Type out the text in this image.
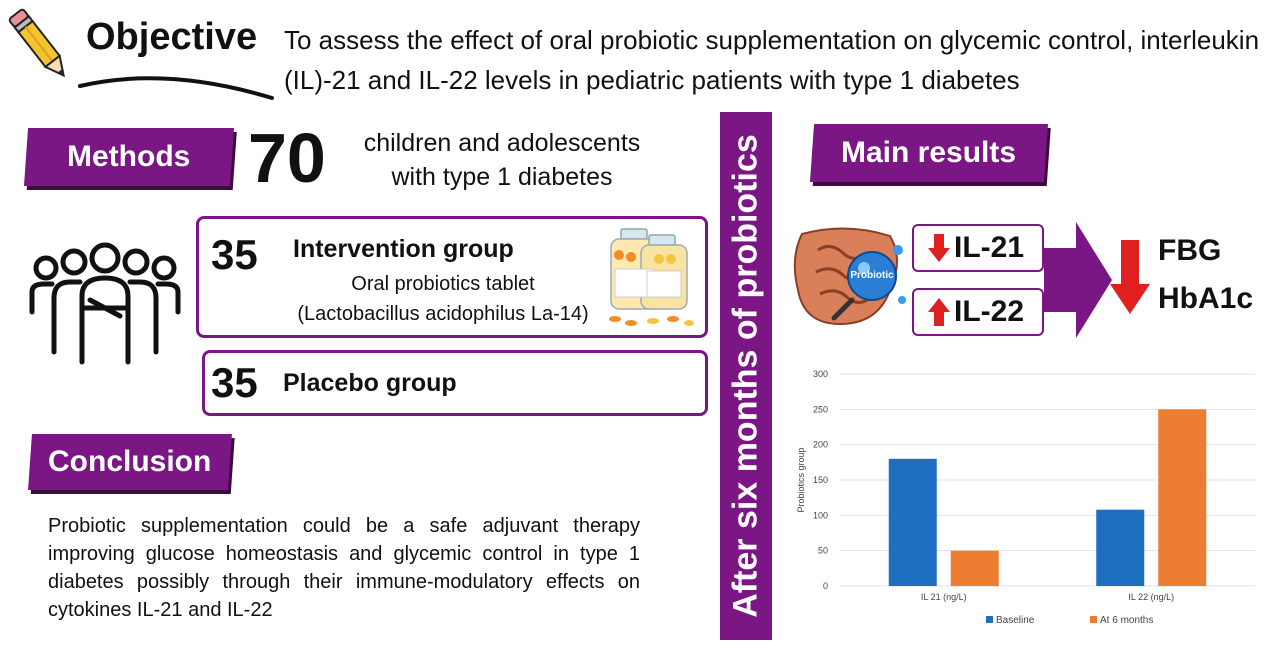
Objective To assess the effect of oral probiotic supplementation on glycemic control, interleukin (IL)-21 and IL-22 levels in pediatric patients with type 1 diabetes
Methods 70	children and adolescents with type 1 diabetes
35 Intervention group
Oral probiotics tablet
(Lactobacillus acidophilus La-14)
35 Placebo group
Conclusion
Probiotic supplementation could be a safe adjuvant therapy improving glucose homeostasis and glycemic control in type 1 diabetes possibly through their immune-modulatory effects on cytokines IL-21 and IL-22	After six months of probiotics	Main results
Probiotic
IL-21
IL-22
FBG
HbA1c
0
50
100
150
200
250
300
Probiotics group
IL 21 (ng/L)	IL 22 (ng/L)
Baseline	At 6 months
